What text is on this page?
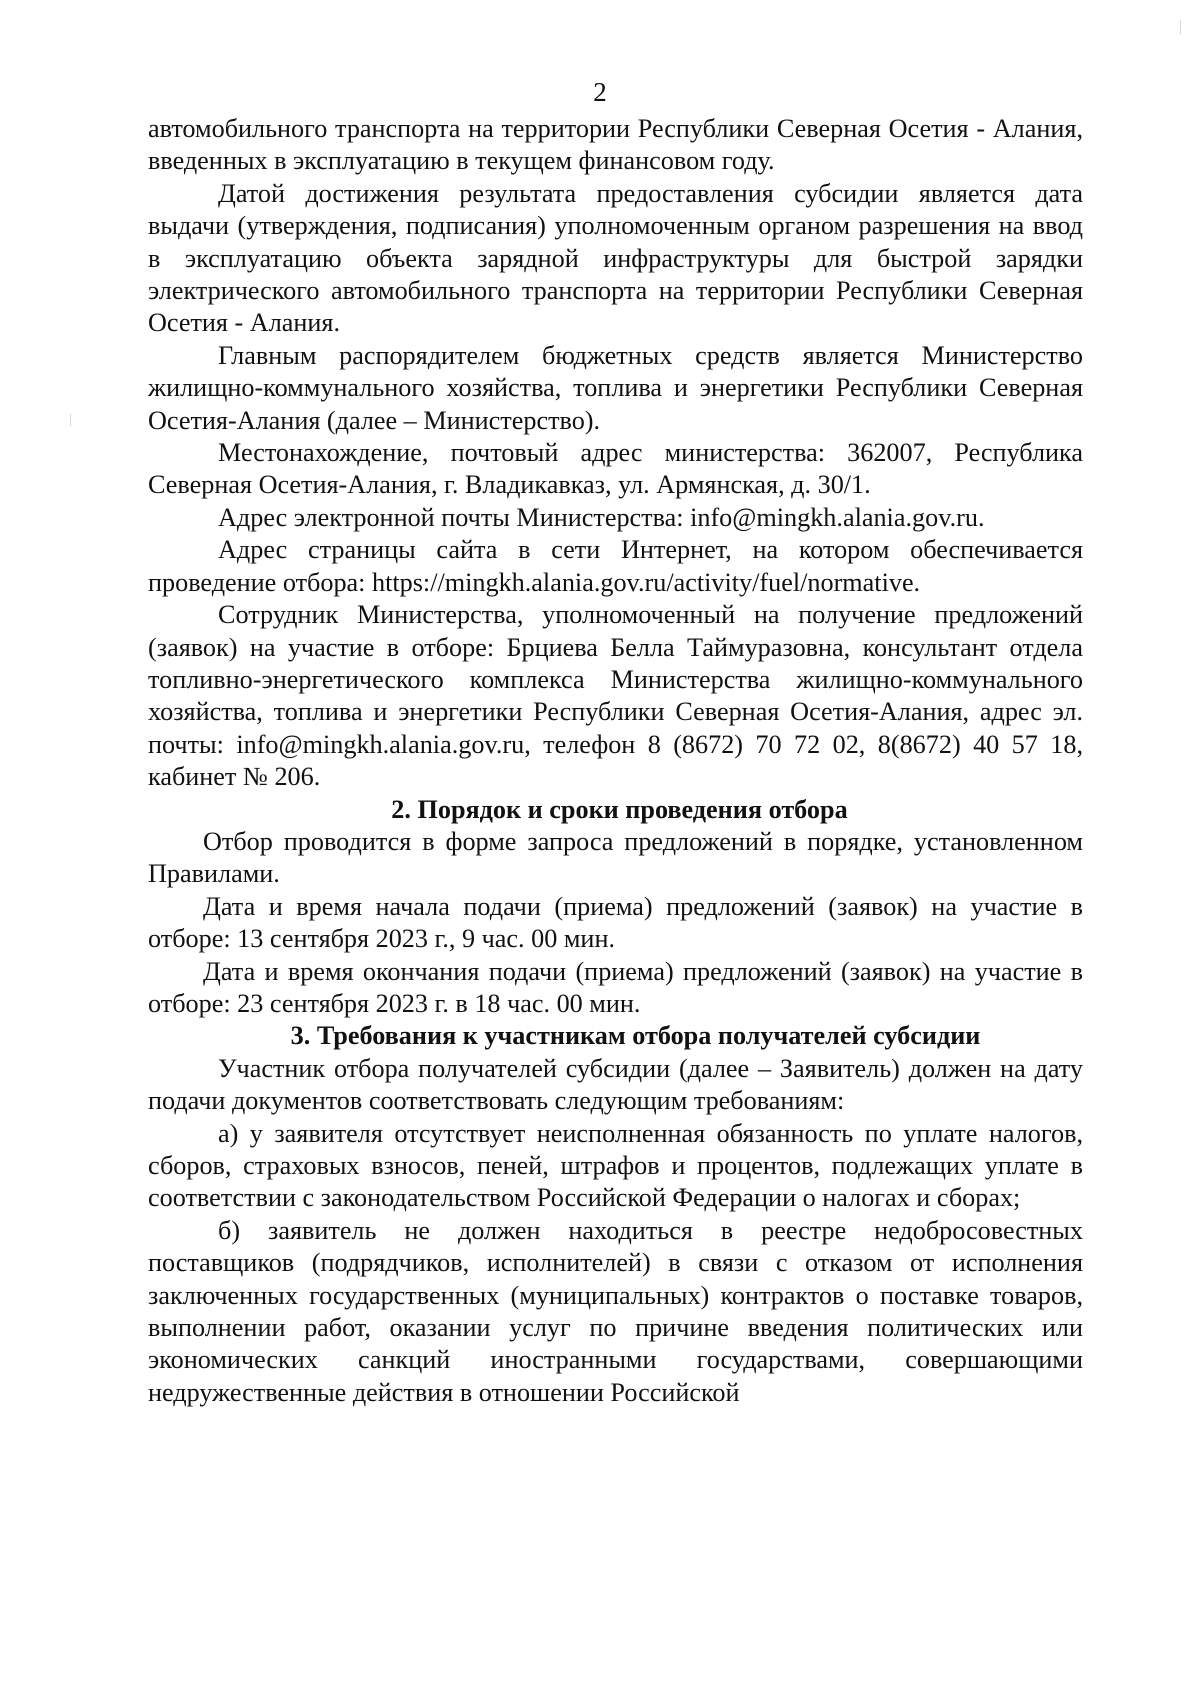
2

автомобильного транспорта на территории Республики Северная Осетия - Алания, введенных в эксплуатацию в текущем финансовом году.

Датой достижения результата предоставления субсидии является дата выдачи (утверждения, подписания) уполномоченным органом разрешения на ввод в эксплуатацию объекта зарядной инфраструктуры для быстрой зарядки электрического автомобильного транспорта на территории Республики Северная Осетия - Алания.

Главным распорядителем бюджетных средств является Министерство жилищно-коммунального хозяйства, топлива и энергетики Республики Северная Осетия-Алания (далее – Министерство).

Местонахождение, почтовый адрес министерства: 362007, Республика Северная Осетия-Алания, г. Владикавказ, ул. Армянская, д. 30/1.

Адрес электронной почты Министерства: info@mingkh.alania.gov.ru.

Адрес страницы сайта в сети Интернет, на котором обеспечивается проведение отбора: https://mingkh.alania.gov.ru/activity/fuel/normative.

Сотрудник Министерства, уполномоченный на получение предложений (заявок) на участие в отборе: Брциева Белла Таймуразовна, консультант отдела топливно-энергетического комплекса Министерства жилищно-коммунального хозяйства, топлива и энергетики Республики Северная Осетия-Алания, адрес эл. почты: info@mingkh.alania.gov.ru, телефон 8 (8672) 70 72 02, 8(8672) 40 57 18, кабинет № 206.

2. Порядок и сроки проведения отбора

Отбор проводится в форме запроса предложений в порядке, установленном Правилами.

Дата и время начала подачи (приема) предложений (заявок) на участие в отборе: 13 сентября 2023 г., 9 час. 00 мин.

Дата и время окончания подачи (приема) предложений (заявок) на участие в отборе: 23 сентября 2023 г. в 18 час. 00 мин.

3. Требования к участникам отбора получателей субсидии

Участник отбора получателей субсидии (далее – Заявитель) должен на дату подачи документов соответствовать следующим требованиям:

а) у заявителя отсутствует неисполненная обязанность по уплате налогов, сборов, страховых взносов, пеней, штрафов и процентов, подлежащих уплате в соответствии с законодательством Российской Федерации о налогах и сборах;

б) заявитель не должен находиться в реестре недобросовестных поставщиков (подрядчиков, исполнителей) в связи с отказом от исполнения заключенных государственных (муниципальных) контрактов о поставке товаров, выполнении работ, оказании услуг по причине введения политических или экономических санкций иностранными государствами, совершающими недружественные действия в отношении Российской
